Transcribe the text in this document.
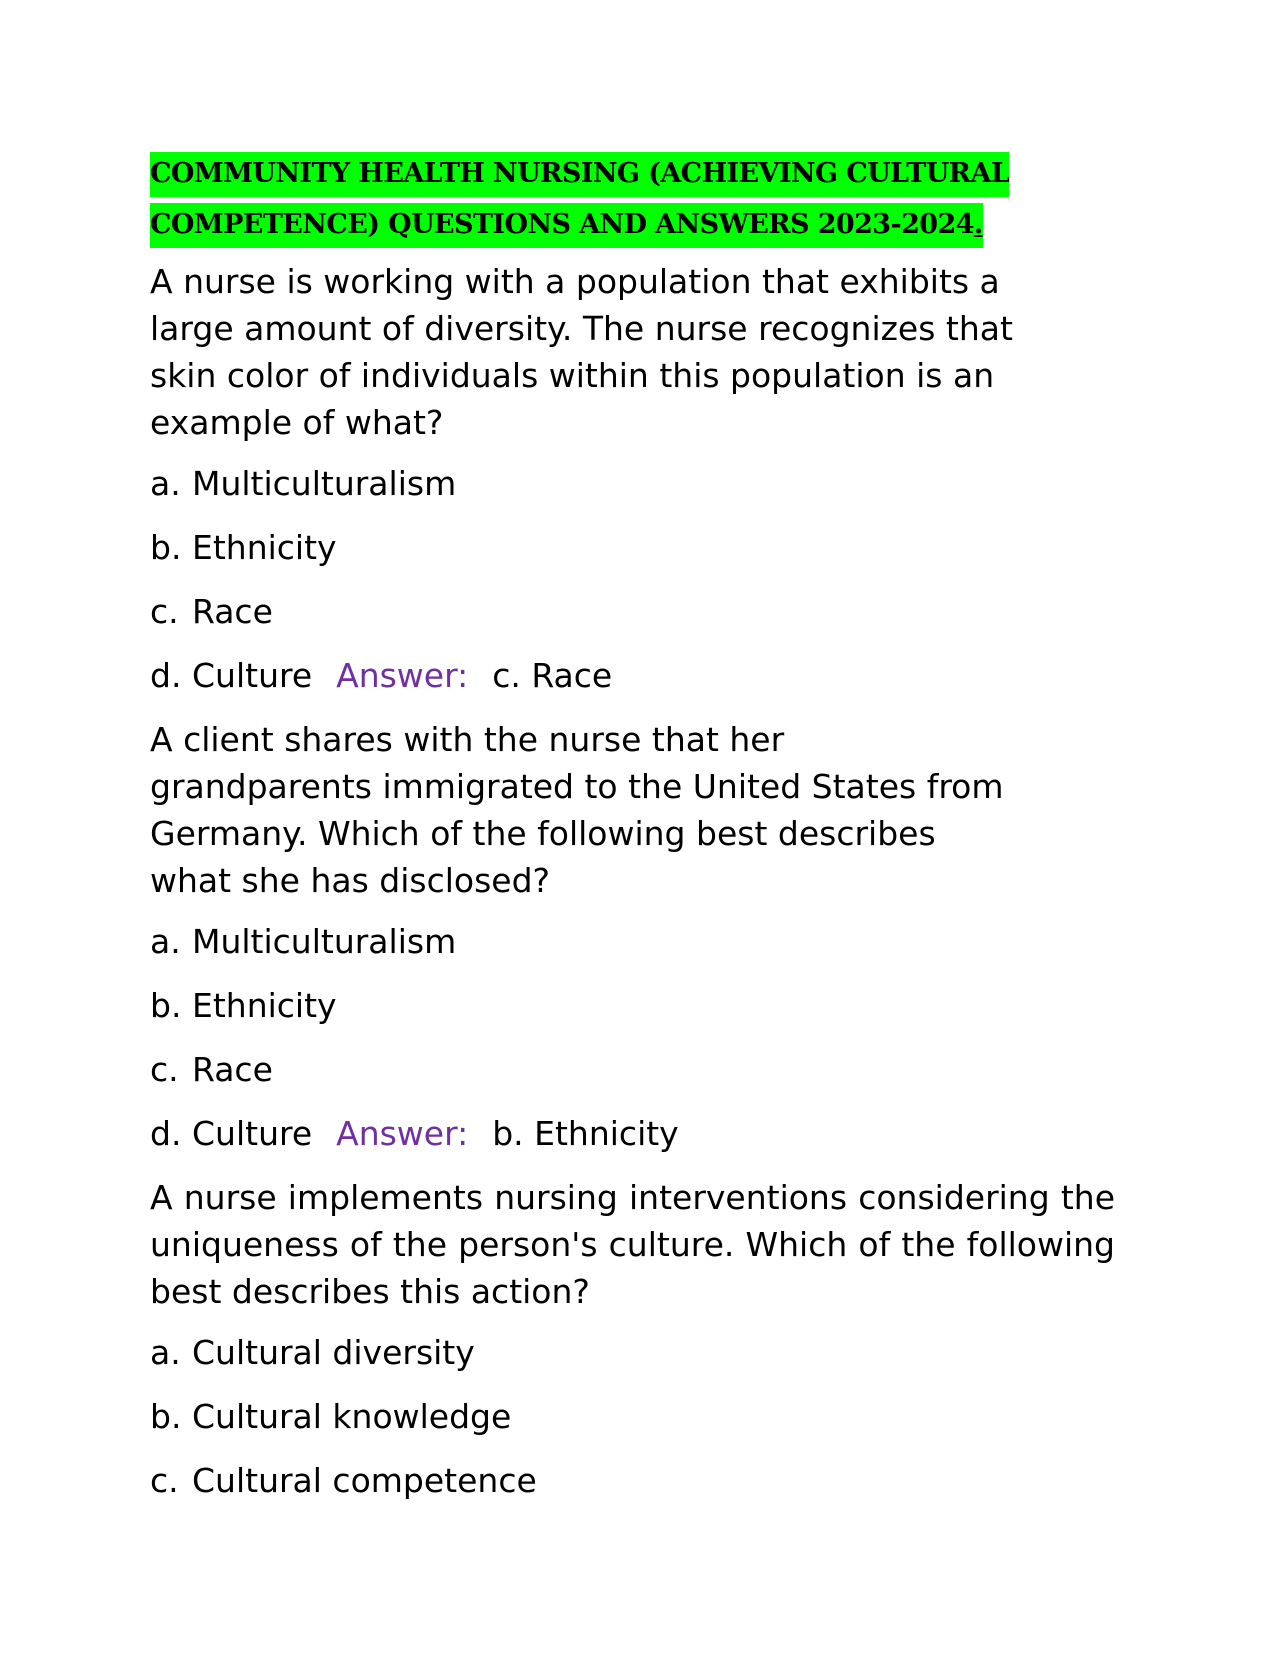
COMMUNITY HEALTH NURSING (ACHIEVING CULTURAL
COMPETENCE) QUESTIONS AND ANSWERS 2023-2024.
A nurse is working with a population that exhibits a large amount of diversity. The nurse recognizes that skin color of individuals within this population is an example of what?
a. Multiculturalism
b. Ethnicity
c. Race
d. Culture Answer: c. Race
A client shares with the nurse that her grandparents immigrated to the United States from Germany. Which of the following best describes what she has disclosed?
a. Multiculturalism
b. Ethnicity
c. Race
d. Culture Answer: b. Ethnicity
A nurse implements nursing interventions considering the uniqueness of the person's culture. Which of the following best describes this action?
a. Cultural diversity
b. Cultural knowledge
c. Cultural competence
